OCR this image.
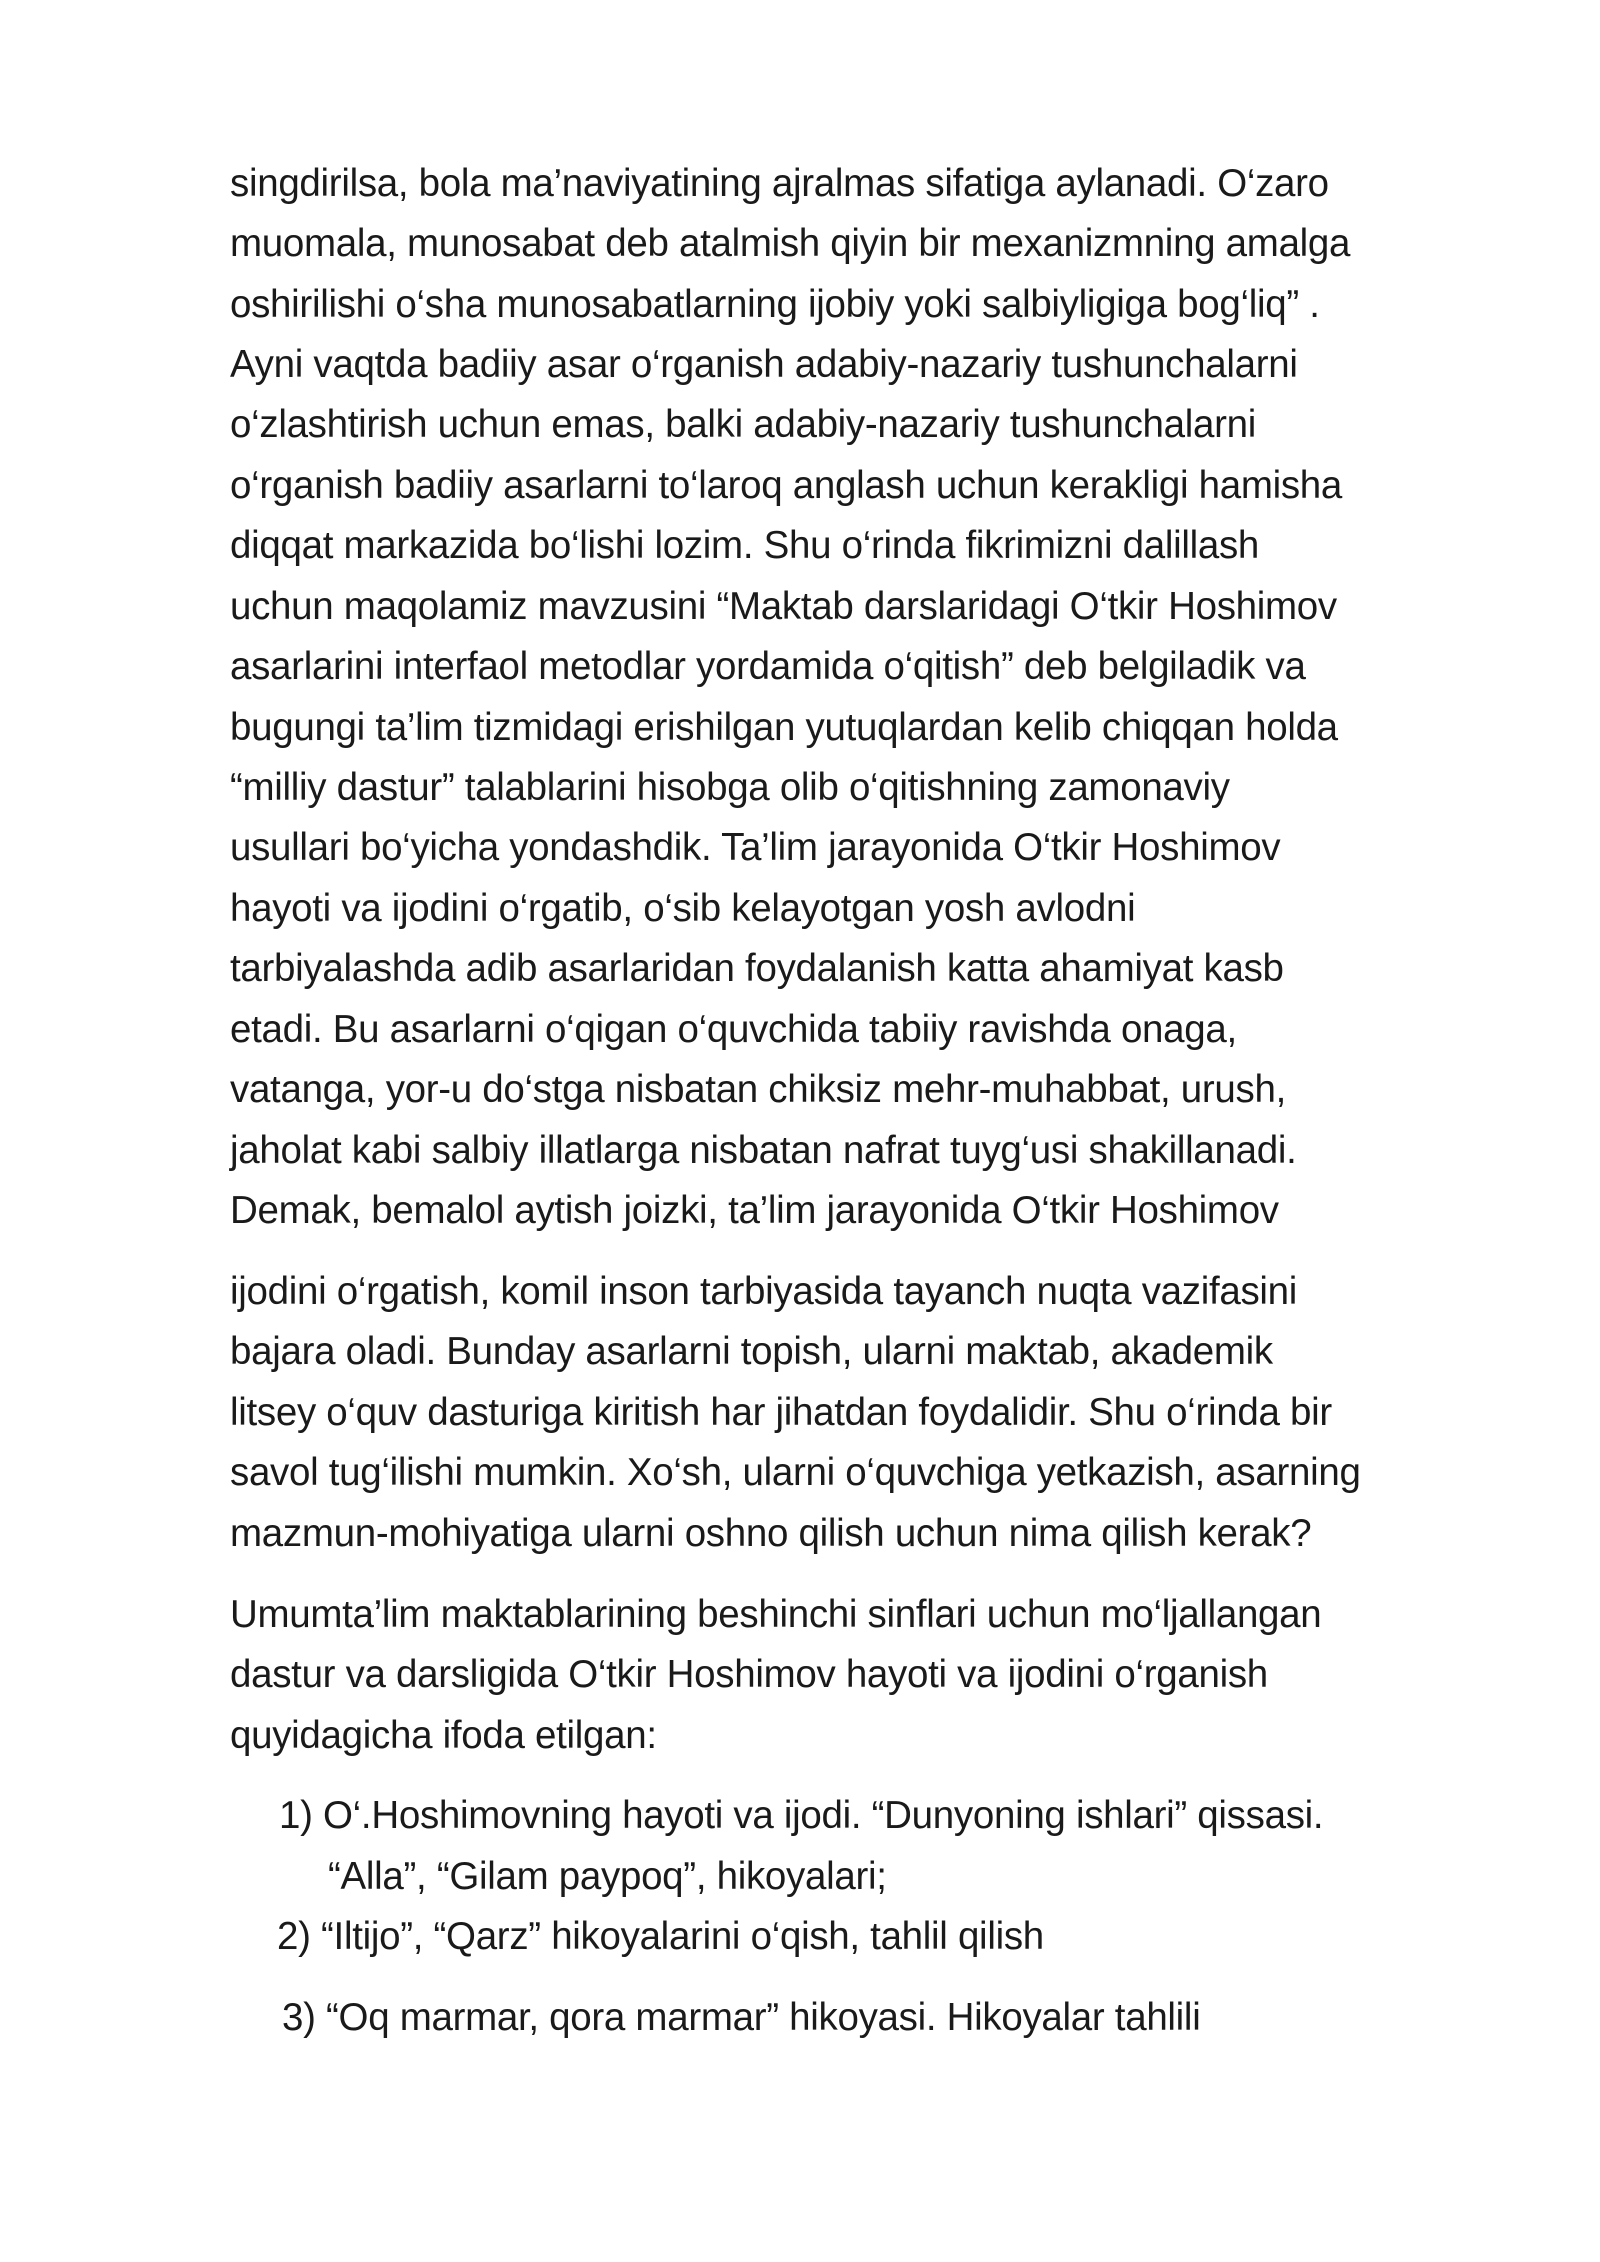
singdirilsa, bola ma’naviyatining ajralmas sifatiga aylanadi. O‘zaro
muomala, munosabat deb atalmish qiyin bir mexanizmning amalga
oshirilishi o‘sha munosabatlarning ijobiy yoki salbiyligiga bog‘liq” .
Ayni vaqtda badiiy asar o‘rganish adabiy-nazariy tushunchalarni
o‘zlashtirish uchun emas, balki adabiy-nazariy tushunchalarni
o‘rganish badiiy asarlarni to‘laroq anglash uchun kerakligi hamisha
diqqat markazida bo‘lishi lozim. Shu o‘rinda fikrimizni dalillash
uchun maqolamiz mavzusini “Maktab darslaridagi O‘tkir Hoshimov
asarlarini interfaol metodlar yordamida o‘qitish” deb belgiladik va
bugungi ta’lim tizmidagi erishilgan yutuqlardan kelib chiqqan holda
“milliy dastur” talablarini hisobga olib o‘qitishning zamonaviy
usullari bo‘yicha yondashdik. Ta’lim jarayonida O‘tkir Hoshimov
hayoti va ijodini o‘rgatib, o‘sib kelayotgan yosh avlodni
tarbiyalashda adib asarlaridan foydalanish katta ahamiyat kasb
etadi. Bu asarlarni o‘qigan o‘quvchida tabiiy ravishda onaga,
vatanga, yor-u do‘stga nisbatan chiksiz mehr-muhabbat, urush,
jaholat kabi salbiy illatlarga nisbatan nafrat tuyg‘usi shakillanadi.
Demak, bemalol aytish joizki, ta’lim jarayonida O‘tkir Hoshimov
ijodini o‘rgatish, komil inson tarbiyasida tayanch nuqta vazifasini
bajara oladi. Bunday asarlarni topish, ularni maktab, akademik
litsey o‘quv dasturiga kiritish har jihatdan foydalidir. Shu o‘rinda bir
savol tug‘ilishi mumkin. Xo‘sh, ularni o‘quvchiga yetkazish, asarning
mazmun-mohiyatiga ularni oshno qilish uchun nima qilish kerak?
Umumta’lim maktablarining beshinchi sinflari uchun mo‘ljallangan
dastur va darsligida O‘tkir Hoshimov hayoti va ijodini o‘rganish
quyidagicha ifoda etilgan:
1) O‘.Hoshimovning hayoti va ijodi. “Dunyoning ishlari” qissasi.
“Alla”, “Gilam paypoq”, hikoyalari;
2) “Iltijo”, “Qarz” hikoyalarini o‘qish, tahlil qilish
3) “Oq marmar, qora marmar” hikoyasi. Hikoyalar tahlili
